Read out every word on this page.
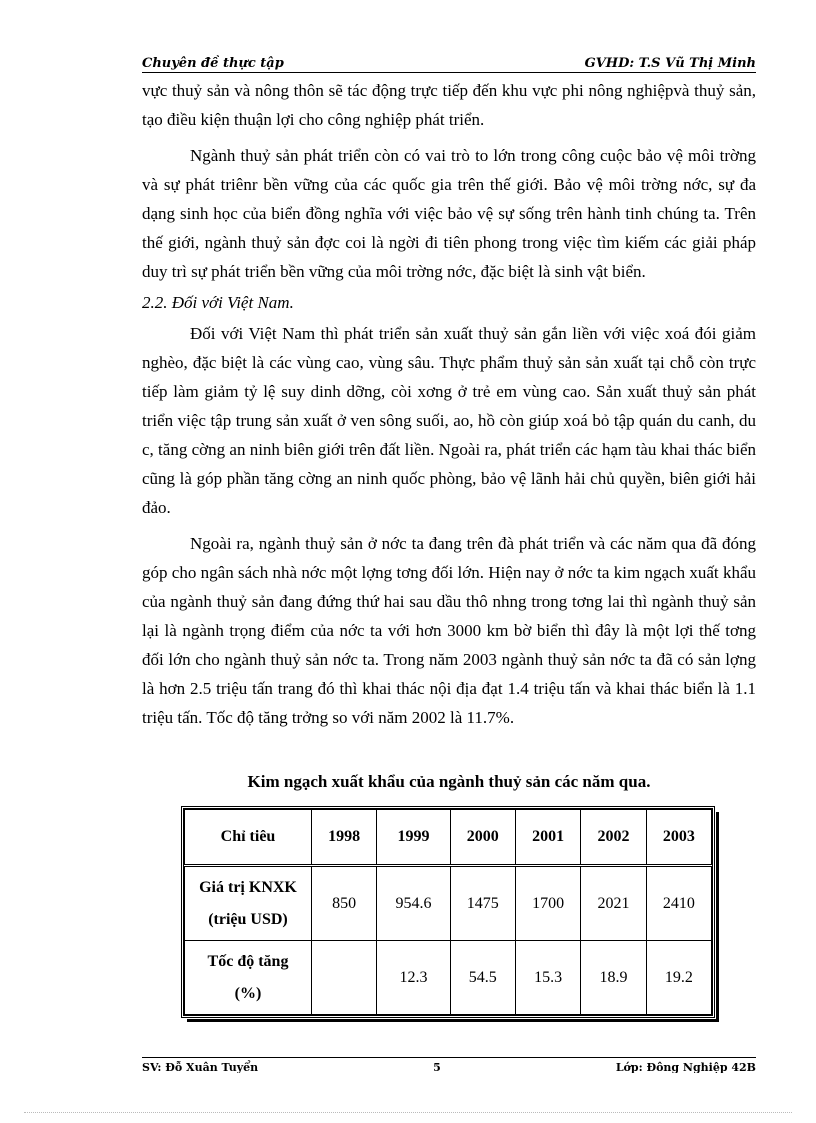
Chuyên đề thực tập	GVHD: T.S Vũ Thị Minh

vực thuỷ sản và nông thôn sẽ tác động trực tiếp đến khu vực phi nông nghiệpvà thuỷ sản, tạo điều kiện thuận lợi cho công nghiệp phát triển.

Ngành thuỷ sản phát triển còn có vai trò to lớn trong công cuộc bảo vệ môi trờng và sự phát triênr bền vững của các quốc gia trên thế giới. Bảo vệ môi trờng nớc, sự đa dạng sinh học của biển đồng nghĩa với việc bảo vệ sự sống trên hành tinh chúng ta. Trên thế giới, ngành thuỷ sản đợc coi là ngời đi tiên phong trong việc tìm kiếm các giải pháp duy trì sự phát triển bền vững của môi trờng nớc, đặc biệt là sinh vật biển.

2.2. Đối với Việt Nam.

Đối với Việt Nam thì phát triển sản xuất thuỷ sản gắn liền với việc xoá đói giảm nghèo, đặc biệt là các vùng cao, vùng sâu. Thực phẩm thuỷ sản sản xuất tại chỗ còn trực tiếp làm giảm tỷ lệ suy dinh dỡng, còi xơng ở trẻ em vùng cao. Sản xuất thuỷ sản phát triển việc tập trung sản xuất ở ven sông suối, ao, hồ còn giúp xoá bỏ tập quán du canh, du c, tăng cờng an ninh biên giới trên đất liền. Ngoài ra, phát triển các hạm tàu khai thác biển cũng là góp phần tăng cờng an ninh quốc phòng, bảo vệ lãnh hải chủ quyền, biên giới hải đảo.

Ngoài ra, ngành thuỷ sản ở nớc ta đang trên đà phát triển và các năm qua đã đóng góp cho ngân sách nhà nớc một lợng tơng đối lớn. Hiện nay ở nớc ta kim ngạch xuất khẩu của ngành thuỷ sản đang đứng thứ hai sau dầu thô nhng trong tơng lai thì ngành thuỷ sản lại là ngành trọng điểm của nớc ta với hơn 3000 km bờ biển thì đây là một lợi thế tơng đối lớn cho ngành thuỷ sản nớc ta. Trong năm 2003 ngành thuỷ sản nớc ta đã có sản lợng là hơn 2.5 triệu tấn trang đó thì khai thác nội địa đạt 1.4 triệu tấn và khai thác biển là 1.1 triệu tấn. Tốc độ tăng trởng so với năm 2002 là 11.7%.

Kim ngạch xuất khẩu của ngành thuỷ sản các năm qua.
Chỉ tiêu	1998	1999	2000	2001	2002	2003
Giá trị KNXK
(triệu USD)	850	954.6	1475	1700	2021	2410
Tốc độ tăng
(%)		12.3	54.5	15.3	18.9	19.2
SV: Đỗ Xuân Tuyển	5	Lớp: Đông Nghiệp 42B
